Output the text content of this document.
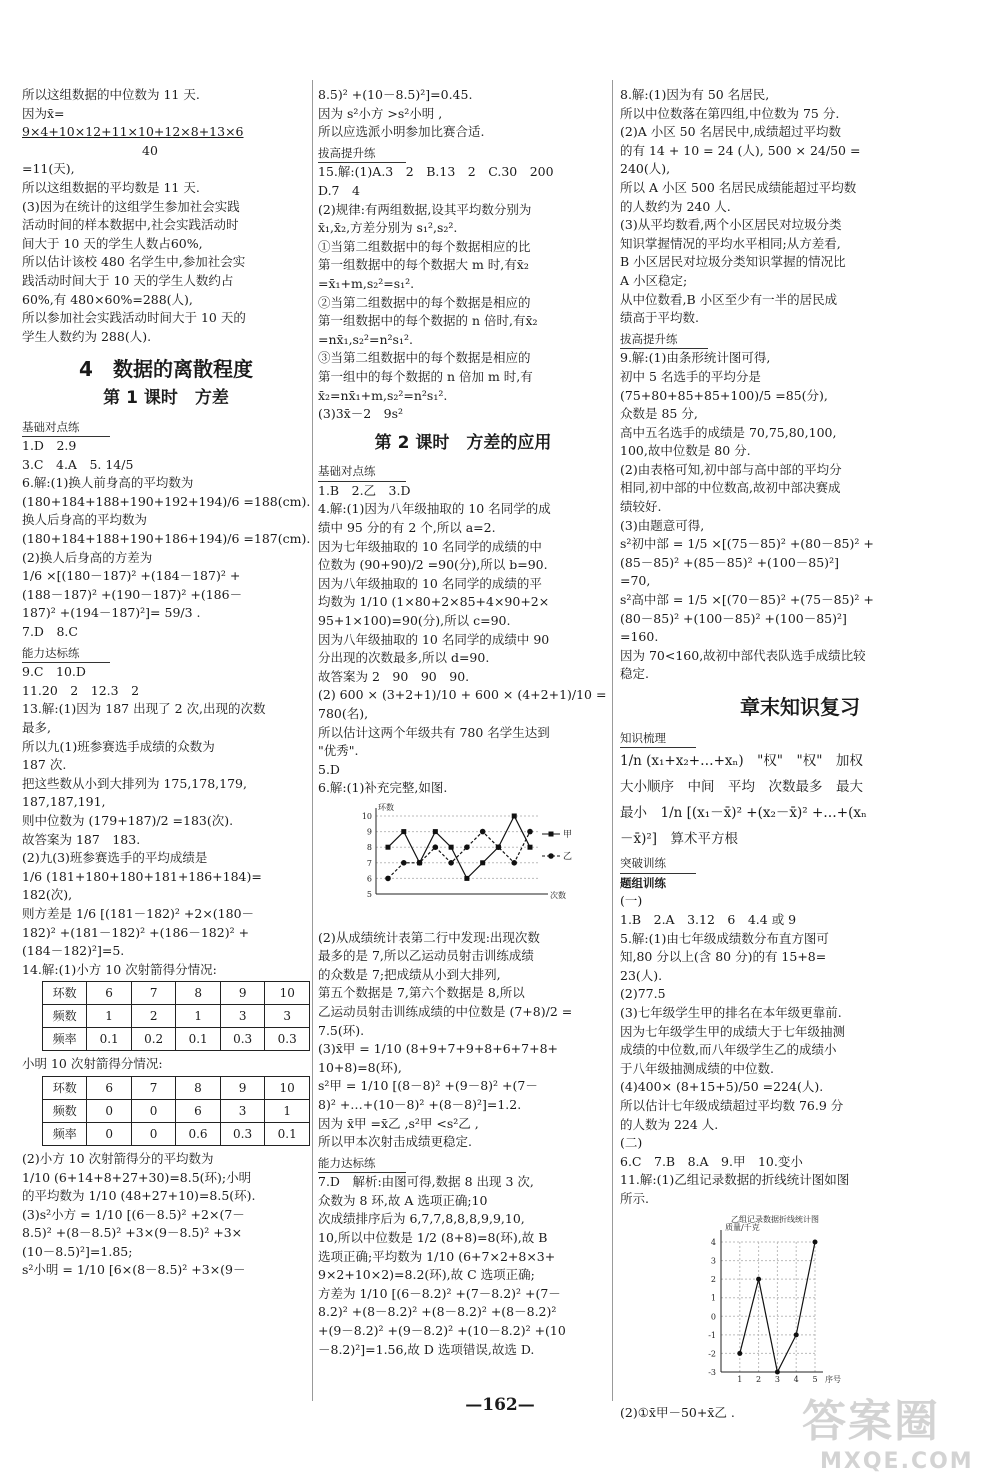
所以这组数据的中位数为 11 天.
因为x̄=
9×4+10×12+11×10+12×8+13×6
40
=11(天),
所以这组数据的平均数是 11 天.
(3)因为在统计的这组学生参加社会实践
活动时间的样本数据中,社会实践活动时
间大于 10 天的学生人数占60%,
所以估计该校 480 名学生中,参加社会实
践活动时间大于 10 天的学生人数约占
60%,有 480×60%=288(人),
所以参加社会实践活动时间大于 10 天的
学生人数约为 288(人).
4　数据的离散程度
第 1 课时　方差
基础对点练
1.D　2.9
3.C　4.A　5. 14/5
6.解:(1)换人前身高的平均数为
(180+184+188+190+192+194)/6 =188(cm).
换人后身高的平均数为
(180+184+188+190+186+194)/6 =187(cm).
(2)换人后身高的方差为
1/6 ×[(180－187)² +(184－187)² +
(188－187)² +(190－187)² +(186－
187)² +(194－187)²]= 59/3 .
7.D　8.C
能力达标练
9.C　10.D
11.20　2　12.3　2
13.解:(1)因为 187 出现了 2 次,出现的次数
最多,
所以九(1)班参赛选手成绩的众数为
187 次.
把这些数从小到大排列为 175,178,179,
187,187,191,
则中位数为 (179+187)/2 =183(次).
故答案为 187　183.
(2)九(3)班参赛选手的平均成绩是
1/6 (181+180+180+181+186+184)=
182(次),
则方差是 1/6 [(181－182)² +2×(180－
182)² +(181－182)² +(186－182)² +
(184－182)²]=5.
14.解:(1)小方 10 次射箭得分情况:
环数	6	7	8	9	10
频数	1	2	1	3	3
频率	0.1	0.2	0.1	0.3	0.3
小明 10 次射箭得分情况:
环数	6	7	8	9	10
频数	0	0	6	3	1
频率	0	0	0.6	0.3	0.1
(2)小方 10 次射箭得分的平均数为
1/10 (6+14+8+27+30)=8.5(环);小明
的平均数为 1/10 (48+27+10)=8.5(环).
(3)s²小方 = 1/10 [(6－8.5)² +2×(7－
8.5)² +(8－8.5)² +3×(9－8.5)² +3×
(10－8.5)²]=1.85;
s²小明 = 1/10 [6×(8－8.5)² +3×(9－
8.5)² +(10－8.5)²]=0.45.
因为 s²小方 >s²小明 ,
所以应选派小明参加比赛合适.
拔高提升练
15.解:(1)A.3　2　B.13　2　C.30　200
D.7　4
(2)规律:有两组数据,设其平均数分别为
x̄₁,x̄₂,方差分别为 s₁²,s₂².
①当第二组数据中的每个数据相应的比
第一组数据中的每个数据大 m 时,有x̄₂
=x̄₁+m,s₂²=s₁².
②当第二组数据中的每个数据是相应的
第一组数据中的每个数据的 n 倍时,有x̄₂
=nx̄₁,s₂²=n²s₁².
③当第二组数据中的每个数据是相应的
第一组中的每个数据的 n 倍加 m 时,有
x̄₂=nx̄₁+m,s₂²=n²s₁².
(3)3x̄－2　9s²
第 2 课时　方差的应用
基础对点练
1.B　2.乙　3.D
4.解:(1)因为八年级抽取的 10 名同学的成
绩中 95 分的有 2 个,所以 a=2.
因为七年级抽取的 10 名同学的成绩的中
位数为 (90+90)/2 =90(分),所以 b=90.
因为八年级抽取的 10 名同学的成绩的平
均数为 1/10 (1×80+2×85+4×90+2×
95+1×100)=90(分),所以 c=90.
因为八年级抽取的 10 名同学的成绩中 90
分出现的次数最多,所以 d=90.
故答案为 2　90　90　90.
(2) 600 × (3+2+1)/10 + 600 × (4+2+1)/10 =
780(名),
所以估计这两个年级共有 780 名学生达到
"优秀".
5.D
6.解:(1)补充完整,如图.
5
6
7
8
9
10
环数
次数
甲
乙
(2)从成绩统计表第二行中发现:出现次数
最多的是 7,所以乙运动员射击训练成绩
的众数是 7;把成绩从小到大排列,
第五个数据是 7,第六个数据是 8,所以
乙运动员射击训练成绩的中位数是 (7+8)/2 =
7.5(环).
(3)x̄甲 = 1/10 (8+9+7+9+8+6+7+8+
10+8)=8(环),
s²甲 = 1/10 [(8－8)² +(9－8)² +(7－
8)² +…+(10－8)² +(8－8)²]=1.2.
因为 x̄甲 =x̄乙 ,s²甲 <s²乙 ,
所以甲本次射击成绩更稳定.
能力达标练
7.D　解析:由图可得,数据 8 出现 3 次,
众数为 8 环,故 A 选项正确;10
次成绩排序后为 6,7,7,8,8,8,9,9,10,
10,所以中位数是 1/2 (8+8)=8(环),故 B
选项正确;平均数为 1/10 (6+7×2+8×3+
9×2+10×2)=8.2(环),故 C 选项正确;
方差为 1/10 [(6－8.2)² +(7－8.2)² +(7－
8.2)² +(8－8.2)² +(8－8.2)² +(8－8.2)²
+(9－8.2)² +(9－8.2)² +(10－8.2)² +(10
－8.2)²]=1.56,故 D 选项错误,故选 D.
8.解:(1)因为有 50 名居民,
所以中位数落在第四组,中位数为 75 分.
(2)A 小区 50 名居民中,成绩超过平均数
的有 14 + 10 = 24 (人), 500 × 24/50 =
240(人),
所以 A 小区 500 名居民成绩能超过平均数
的人数约为 240 人.
(3)从平均数看,两个小区居民对垃圾分类
知识掌握情况的平均水平相同;从方差看,
B 小区居民对垃圾分类知识掌握的情况比
A 小区稳定;
从中位数看,B 小区至少有一半的居民成
绩高于平均数.
拔高提升练
9.解:(1)由条形统计图可得,
初中 5 名选手的平均分是
(75+80+85+85+100)/5 =85(分),
众数是 85 分,
高中五名选手的成绩是 70,75,80,100,
100,故中位数是 80 分.
(2)由表格可知,初中部与高中部的平均分
相同,初中部的中位数高,故初中部决赛成
绩较好.
(3)由题意可得,
s²初中部 = 1/5 ×[(75－85)² +(80－85)² +
(85－85)² +(85－85)² +(100－85)²]
=70,
s²高中部 = 1/5 ×[(70－85)² +(75－85)² +
(80－85)² +(100－85)² +(100－85)²]
=160.
因为 70<160,故初中部代表队选手成绩比较
稳定.
章末知识复习
知识梳理
1/n (x₁+x₂+…+xₙ)　"权"　"权"　加权
大小顺序　中间　平均　次数最多　最大
最小　1/n [(x₁－x̄)² +(x₂－x̄)² +…+(xₙ
－x̄)²]　算术平方根
突破训练

题组训练
(一)
1.B　2.A　3.12　6　4.4 或 9
5.解:(1)由七年级成绩数分布直方图可
知,80 分以上(含 80 分)的有 15+8=
23(人).
(2)77.5
(3)七年级学生甲的排名在本年级更靠前.
因为七年级学生甲的成绩大于七年级抽测
成绩的中位数,而八年级学生乙的成绩小
于八年级抽测成绩的中位数.
(4)400× (8+15+5)/50 =224(人).
所以估计七年级成绩超过平均数 76.9 分
的人数为 224 人.
(二)
6.C　7.B　8.A　9.甲　10.变小
11.解:(1)乙组记录数据的折线统计图如图
所示.
乙组记录数据折线统计图
-3
-2
-1
0
1
2
3
4
1 2 3 4 5
质量/千克
序号
(2)①x̄甲－50+x̄乙 .
—162—	答案圈
MXQE.COM
